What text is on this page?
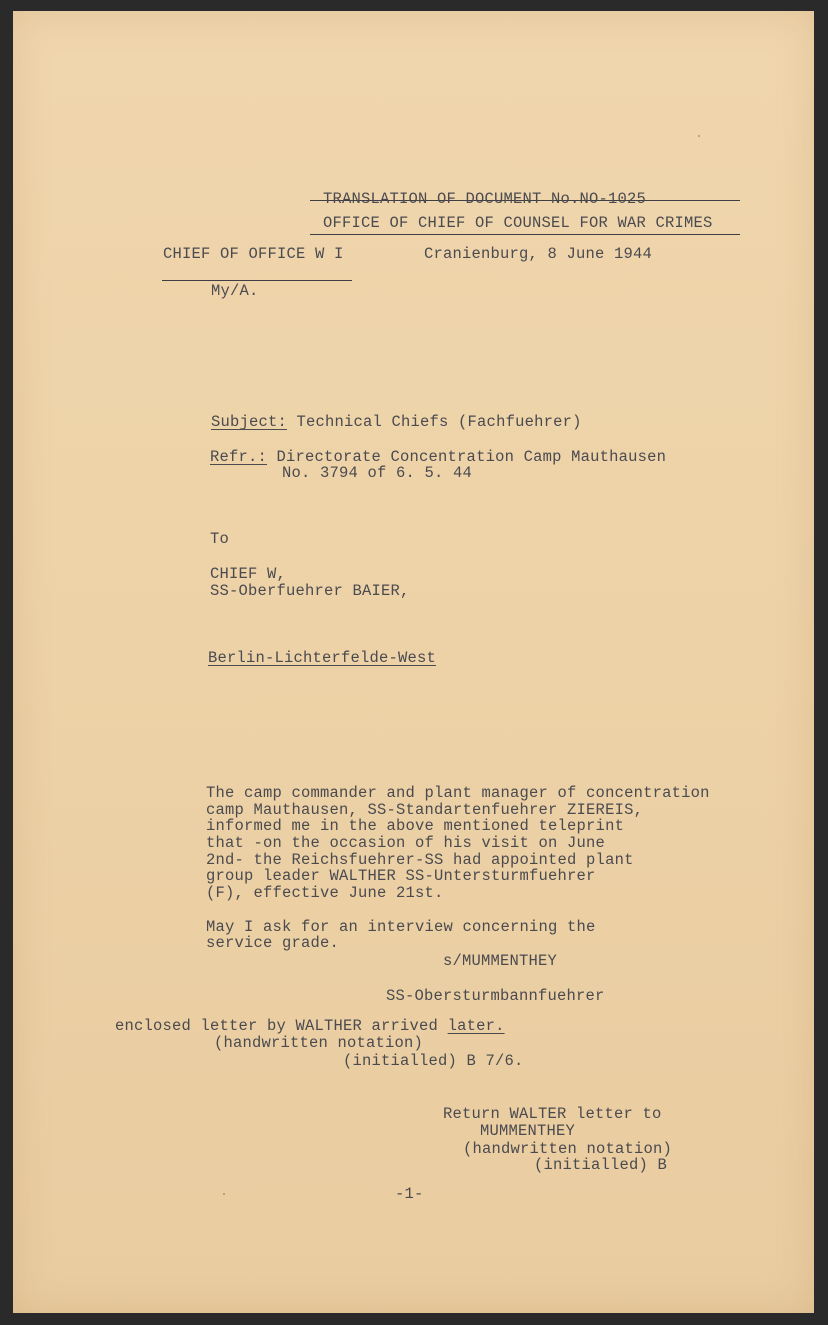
TRANSLATION OF DOCUMENT No.NO-1025

OFFICE OF CHIEF OF COUNSEL FOR WAR CRIMES

CHIEF OF OFFICE W I	Cranienburg, 8 June 1944

My/A.

Subject: Technical Chiefs (Fachfuehrer)

Refr.: Directorate Concentration Camp Mauthausen

No. 3794 of 6. 5. 44

To

CHIEF W,

SS-Oberfuehrer BAIER,

Berlin-Lichterfelde-West

The camp commander and plant manager of concentration

camp Mauthausen, SS-Standartenfuehrer ZIEREIS,

informed me in the above mentioned teleprint

that -on the occasion of his visit on June

2nd- the Reichsfuehrer-SS had appointed plant

group leader WALTHER SS-Untersturmfuehrer

(F), effective June 21st.

May I ask for an interview concerning the

service grade.

s/MUMMENTHEY

SS-Obersturmbannfuehrer

enclosed letter by WALTHER arrived later.

(handwritten notation)

(initialled) B 7/6.

Return WALTER letter to

MUMMENTHEY

(handwritten notation)

(initialled) B

-1-
